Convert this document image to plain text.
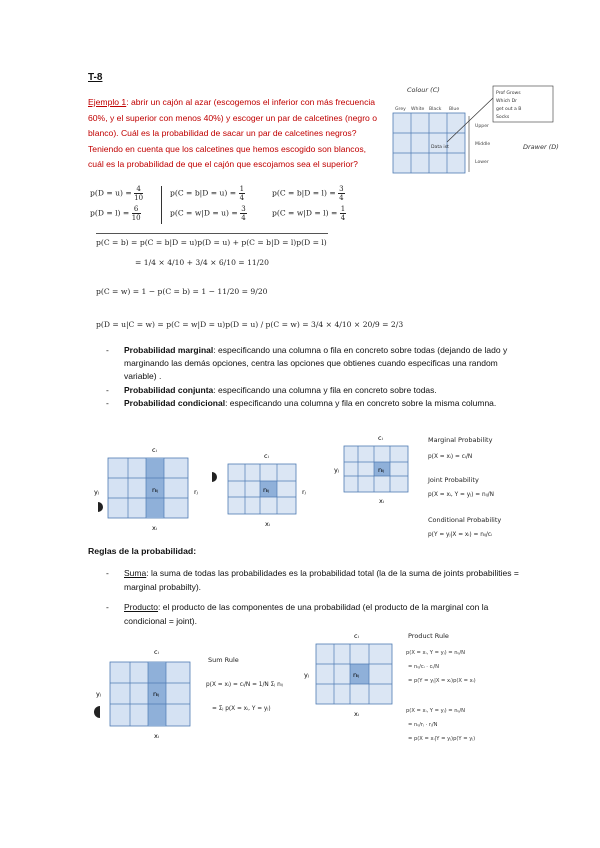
T-8
Ejemplo 1: abrir un cajón al azar (escogemos el inferior con más frecuencia 60%, y el superior con menos 40%) y escoger un par de calcetines (negro o blanco). Cuál es la probabilidad de sacar un par de calcetines negros? Teniendo en cuenta que los calcetines que hemos escogido son blancos, cuál es la probabilidad de que el cajón que escojamos sea el superior?
Colour (C)
Grey White Black Blue
Data ist
Upper
Middle
Lower
Drawer (D)
Prof Grows
Which Dr
get out a B
Socks
$p(D = u) = \frac{4}{10}$
$p(D = l) = \frac{6}{10}$
$p(C = b|D = u) = \frac{1}{4}$
$p(C = w|D = u) = \frac{3}{4}$
$p(C = b|D = l) = \frac{3}{4}$
$p(C = w|D = l) = \frac{1}{4}$
p(C = b) = p(C = b|D = u)p(D = u) + p(C = b|D = l)p(D = l)
= 1/4 × 4/10 + 3/4 × 6/10 = 11/20
p(C = w) = 1 − p(C = b) = 1 − 11/20 = 9/20
p(D = u|C = w) = p(C = w|D = u)p(D = u) / p(C = w) = 3/4 × 4/10 × 20/9 = 2/3
- Probabilidad marginal: especificando una columna o fila en concreto sobre todas (dejando de lado y marginando las demás opciones, centra las opciones que obtienes cuando especificas una random variable) .
- Probabilidad conjunta: especificando una columna y fila en concreto sobre todas.
- Probabilidad condicional: especificando una columna y fila en concreto sobre la misma columna.
cᵢ
nᵢⱼ
yⱼ	rⱼ
xᵢ
cᵢ
nᵢⱼ	rⱼ
xᵢ
cᵢ
nᵢⱼ
yⱼ
xᵢ
Marginal Probability
p(X = xᵢ) = cᵢ/N
Joint Probability
p(X = xᵢ, Y = yⱼ) = nᵢⱼ/N
Conditional Probability
p(Y = yⱼ|X = xᵢ) = nᵢⱼ/cᵢ
Reglas de la probabilidad:
- Suma: la suma de todas las probabilidades es la probabilidad total (la de la suma de joints probabilities = marginal probabilty).
- Producto: el producto de las componentes de una probabilidad (el producto de la marginal con la condicional = joint).
cᵢ
nᵢⱼ
yⱼ
xᵢ
Sum Rule
p(X = xᵢ) = cᵢ/N = 1/N Σⱼ nᵢⱼ
= Σⱼ p(X = xᵢ, Y = yⱼ)
cᵢ
nᵢⱼ
yⱼ
xᵢ
Product Rule
p(X = xᵢ, Y = yⱼ) = nᵢⱼ/N
= nᵢⱼ/cᵢ · cᵢ/N
= p(Y = yⱼ|X = xᵢ)p(X = xᵢ)
p(X = xᵢ, Y = yⱼ) = nᵢⱼ/N
= nᵢⱼ/rⱼ · rⱼ/N
= p(X = xᵢ|Y = yⱼ)p(Y = yⱼ)
